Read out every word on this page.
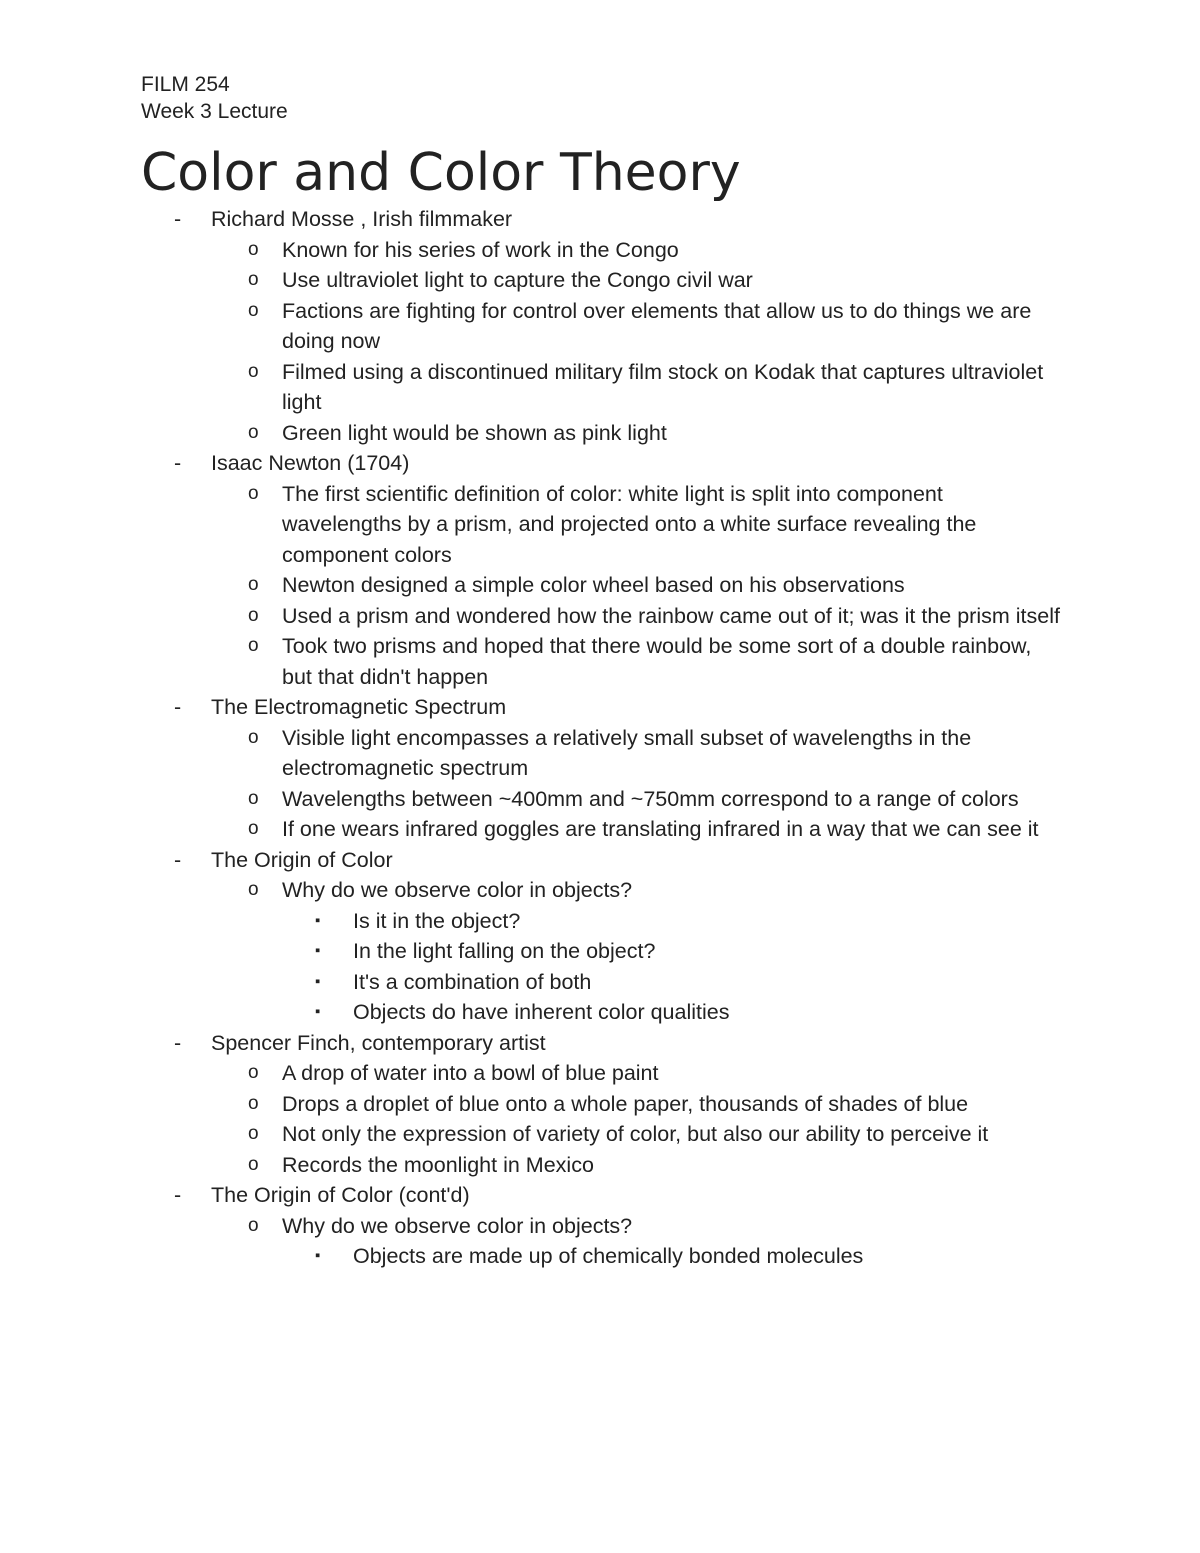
FILM 254
Week 3 Lecture
Color and Color Theory
- Richard Mosse , Irish filmmaker
o Known for his series of work in the Congo
o Use ultraviolet light to capture the Congo civil war
o Factions are fighting for control over elements that allow us to do things we are doing now
o Filmed using a discontinued military film stock on Kodak that captures ultraviolet light
o Green light would be shown as pink light
- Isaac Newton (1704)
o The first scientific definition of color: white light is split into component wavelengths by a prism, and projected onto a white surface revealing the component colors
o Newton designed a simple color wheel based on his observations
o Used a prism and wondered how the rainbow came out of it; was it the prism itself
o Took two prisms and hoped that there would be some sort of a double rainbow, but that didn't happen
- The Electromagnetic Spectrum
o Visible light encompasses a relatively small subset of wavelengths in the electromagnetic spectrum
o Wavelengths between ~400mm and ~750mm correspond to a range of colors
o If one wears infrared goggles are translating infrared in a way that we can see it
- The Origin of Color
o Why do we observe color in objects?
▪ Is it in the object?
▪ In the light falling on the object?
▪ It's a combination of both
▪ Objects do have inherent color qualities
- Spencer Finch, contemporary artist
o A drop of water into a bowl of blue paint
o Drops a droplet of blue onto a whole paper, thousands of shades of blue
o Not only the expression of variety of color, but also our ability to perceive it
o Records the moonlight in Mexico
- The Origin of Color (cont'd)
o Why do we observe color in objects?
▪ Objects are made up of chemically bonded molecules
